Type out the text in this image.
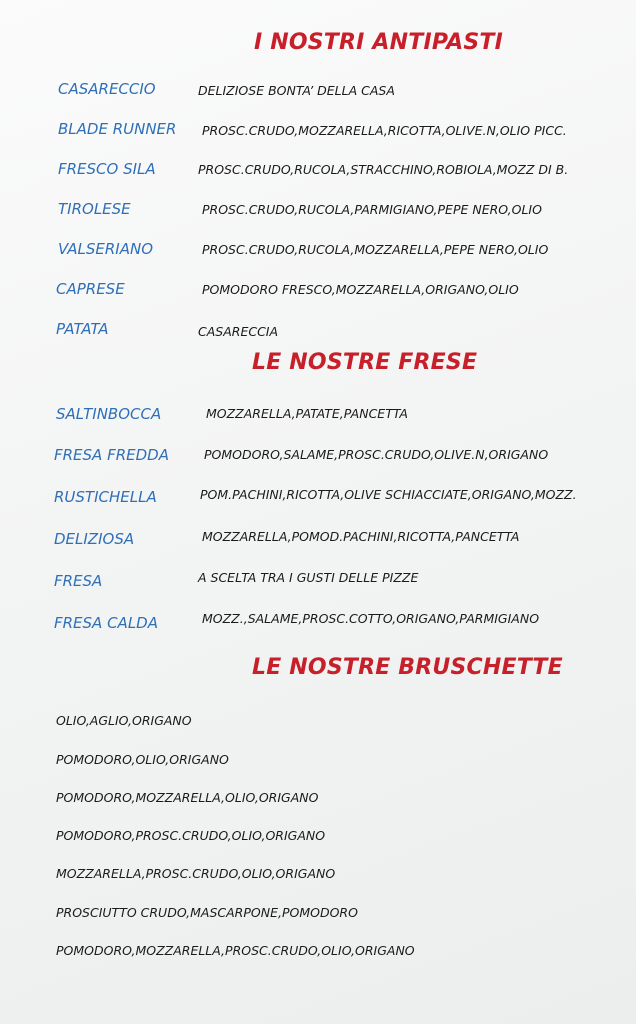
I NOSTRI ANTIPASTI
CASARECCIO	DELIZIOSE BONTA’ DELLA CASA
BLADE RUNNER PROSC.CRUDO,MOZZARELLA,RICOTTA,OLIVE.N,OLIO PICC.
FRESCO SILA	PROSC.CRUDO,RUCOLA,STRACCHINO,ROBIOLA,MOZZ DI B.
TIROLESE	PROSC.CRUDO,RUCOLA,PARMIGIANO,PEPE NERO,OLIO
VALSERIANO	PROSC.CRUDO,RUCOLA,MOZZARELLA,PEPE NERO,OLIO
CAPRESE	POMODORO FRESCO,MOZZARELLA,ORIGANO,OLIO
PATATA	CASARECCIA
LE NOSTRE FRESE
SALTINBOCCA	MOZZARELLA,PATATE,PANCETTA
FRESA FREDDA	POMODORO,SALAME,PROSC.CRUDO,OLIVE.N,ORIGANO
RUSTICHELLA	POM.PACHINI,RICOTTA,OLIVE SCHIACCIATE,ORIGANO,MOZZ.
DELIZIOSA	MOZZARELLA,POMOD.PACHINI,RICOTTA,PANCETTA
FRESA	A SCELTA TRA I GUSTI DELLE PIZZE
FRESA CALDA	MOZZ.,SALAME,PROSC.COTTO,ORIGANO,PARMIGIANO
LE NOSTRE BRUSCHETTE
OLIO,AGLIO,ORIGANO
POMODORO,OLIO,ORIGANO
POMODORO,MOZZARELLA,OLIO,ORIGANO
POMODORO,PROSC.CRUDO,OLIO,ORIGANO
MOZZARELLA,PROSC.CRUDO,OLIO,ORIGANO
PROSCIUTTO CRUDO,MASCARPONE,POMODORO
POMODORO,MOZZARELLA,PROSC.CRUDO,OLIO,ORIGANO
